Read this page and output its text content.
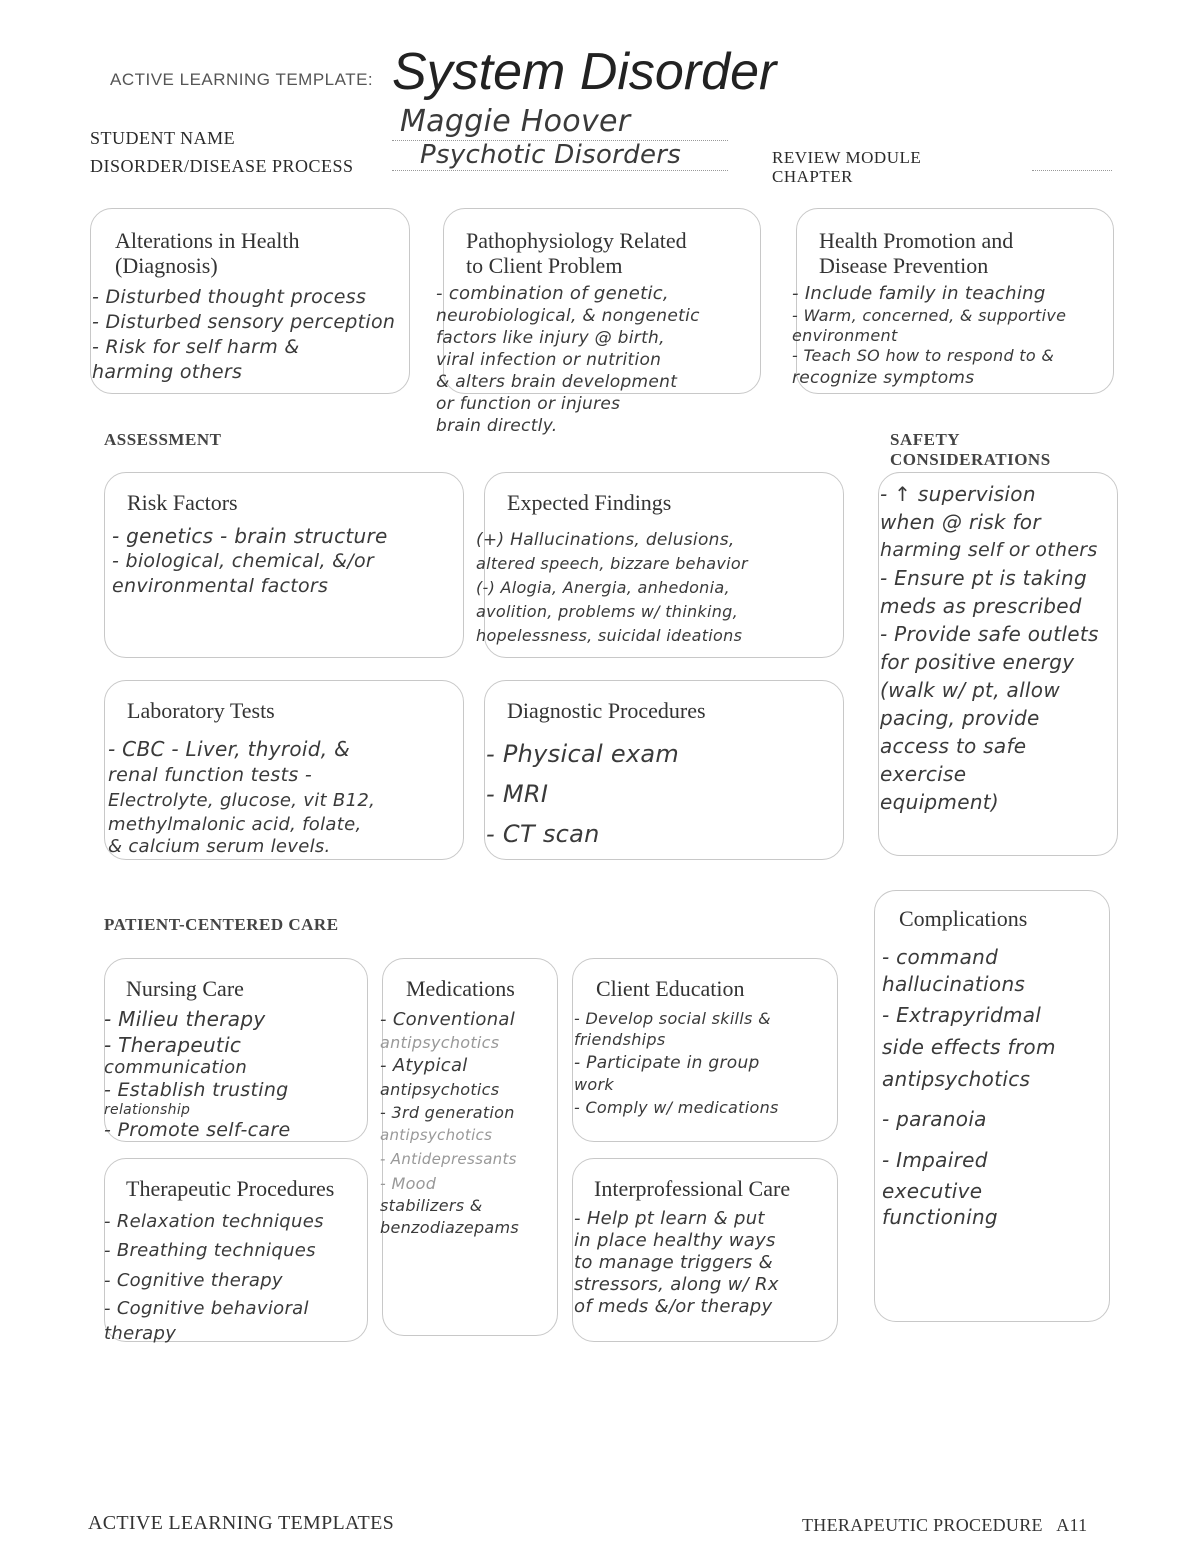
ACTIVE LEARNING TEMPLATE: System Disorder
STUDENT NAME	Maggie Hoover
DISORDER/DISEASE PROCESS	Psychotic Disorders	REVIEW MODULE
CHAPTER
Alterations in Health
(Diagnosis)
- Disturbed thought process
- Disturbed sensory perception
- Risk for self harm &
harming others
Pathophysiology Related
to Client Problem
- combination of genetic,
neurobiological, & nongenetic
factors like injury @ birth,
viral infection or nutrition
& alters brain development
or function or injures
brain directly.
Health Promotion and
Disease Prevention
- Include family in teaching
- Warm, concerned, & supportive
environment
- Teach SO how to respond to &
recognize symptoms
ASSESSMENT	SAFETY
CONSIDERATIONS
Risk Factors
- genetics - brain structure
- biological, chemical, &/or
environmental factors
Expected Findings
(+) Hallucinations, delusions,
altered speech, bizzare behavior
(-) Alogia, Anergia, anhedonia,
avolition, problems w/ thinking,
hopelessness, suicidal ideations
- ↑ supervision
when @ risk for
harming self or others
- Ensure pt is taking
meds as prescribed
- Provide safe outlets
for positive energy
(walk w/ pt, allow
pacing, provide
access to safe
exercise
equipment)
Laboratory Tests
- CBC - Liver, thyroid, &
renal function tests -
Electrolyte, glucose, vit B12,
methylmalonic acid, folate,
& calcium serum levels.
Diagnostic Procedures
- Physical exam
- MRI
- CT scan
PATIENT-CENTERED CARE	Complications
- command
hallucinations
- Extrapyridmal
side effects from
antipsychotics
- paranoia
- Impaired
executive
functioning
Nursing Care
- Milieu therapy
- Therapeutic
communication
- Establish trusting
relationship
- Promote self-care
Medications
- Conventional
antipsychotics
- Atypical
antipsychotics
- 3rd generation
antipsychotics
- Antidepressants
- Mood
stabilizers &
benzodiazepams
Client Education
- Develop social skills &
friendships
- Participate in group
work
- Comply w/ medications
Therapeutic Procedures
- Relaxation techniques
- Breathing techniques
- Cognitive therapy
- Cognitive behavioral
therapy
Interprofessional Care
- Help pt learn & put
in place healthy ways
to manage triggers &
stressors, along w/ Rx
of meds &/or therapy
ACTIVE LEARNING TEMPLATES	THERAPEUTIC PROCEDURE   A11
